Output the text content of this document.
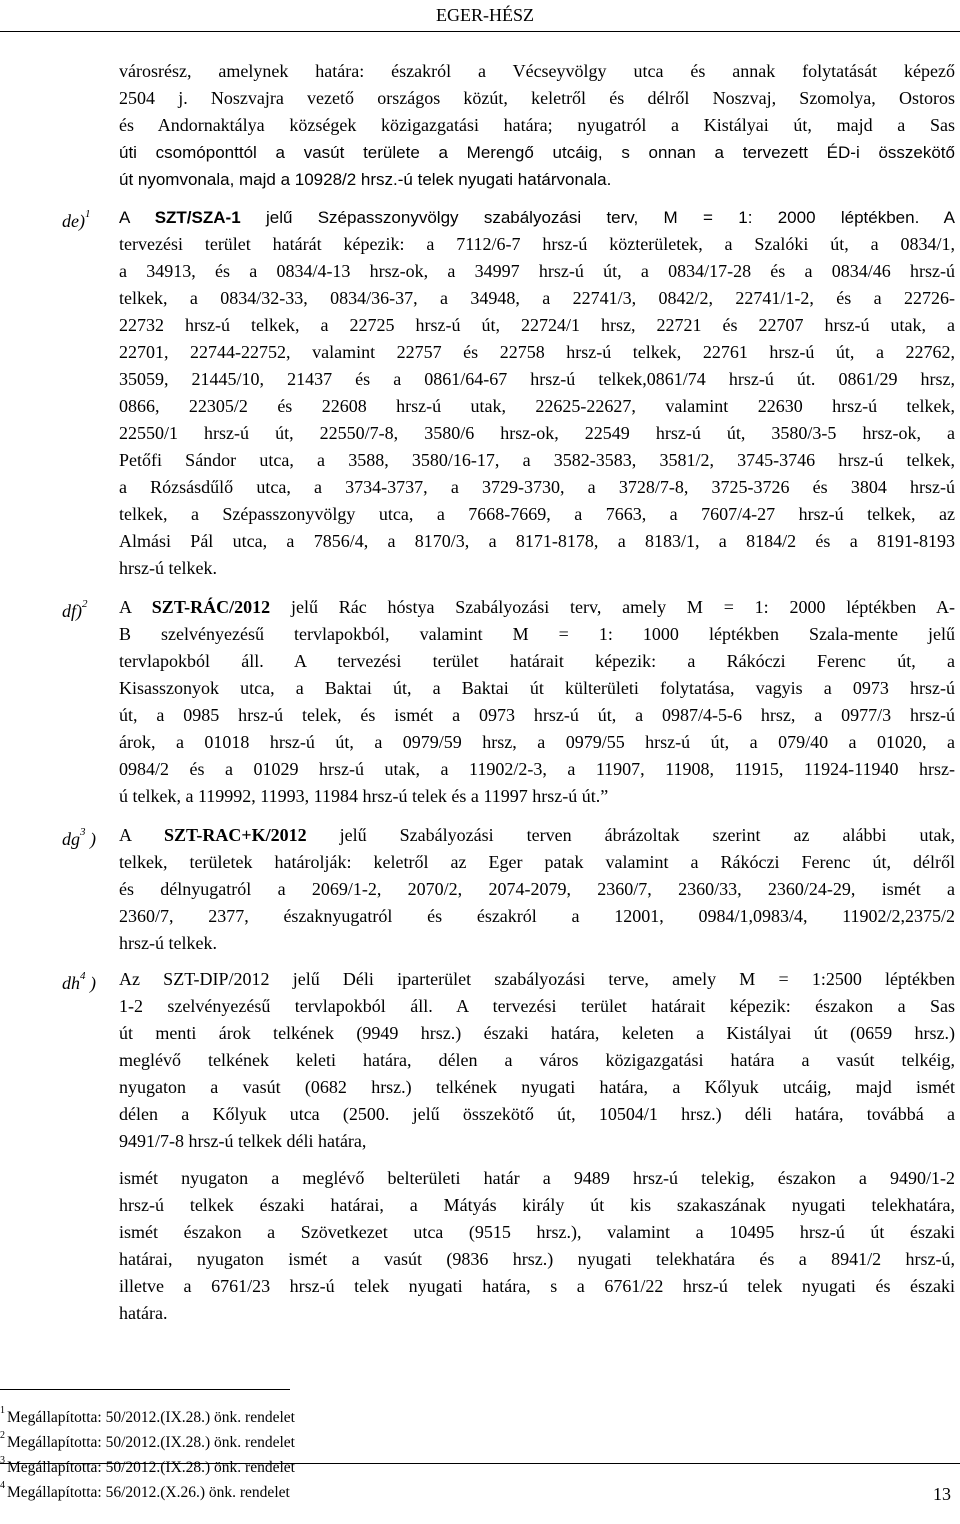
EGER-HÉSZ
városrész, amelynek határa: északról a Vécseyvölgy utca és annak folytatását képező
2504 j. Noszvajra vezető országos közút, keletről és délről Noszvaj, Szomolya, Ostoros
és Andornaktálya községek közigazgatási határa; nyugatról a Kistályai út, majd a Sas
úti csomóponttól a vasút területe a Merengő utcáig, s onnan a tervezett ÉD-i összekötő
út nyomvonala, majd a 10928/2 hrsz.-ú telek nyugati határvonala.
de)$^1$ A SZT/SZA-1 jelű Szépasszonyvölgy szabályozási terv, M = 1: 2000 léptékben. A
tervezési terület határát képezik: a 7112/6-7 hrsz-ú közterületek, a Szalóki út, a 0834/1,
a 34913, és a 0834/4-13 hrsz-ok, a 34997 hrsz-ú út, a 0834/17-28 és a 0834/46 hrsz-ú
telkek, a 0834/32-33, 0834/36-37, a 34948, a 22741/3, 0842/2, 22741/1-2, és a 22726-
22732 hrsz-ú telkek, a 22725 hrsz-ú út, 22724/1 hrsz, 22721 és 22707 hrsz-ú utak, a
22701, 22744-22752, valamint 22757 és 22758 hrsz-ú telkek, 22761 hrsz-ú út, a 22762,
35059, 21445/10, 21437 és a 0861/64-67 hrsz-ú telkek,0861/74 hrsz-ú út. 0861/29 hrsz,
0866, 22305/2 és 22608 hrsz-ú utak, 22625-22627, valamint 22630 hrsz-ú telkek,
22550/1 hrsz-ú út, 22550/7-8, 3580/6 hrsz-ok, 22549 hrsz-ú út, 3580/3-5 hrsz-ok, a
Petőfi Sándor utca, a 3588, 3580/16-17, a 3582-3583, 3581/2, 3745-3746 hrsz-ú telkek,
a Rózsásdűlő utca, a 3734-3737, a 3729-3730, a 3728/7-8, 3725-3726 és 3804 hrsz-ú
telkek, a Szépasszonyvölgy utca, a 7668-7669, a 7663, a 7607/4-27 hrsz-ú telkek, az
Almási Pál utca, a 7856/4, a 8170/3, a 8171-8178, a 8183/1, a 8184/2 és a 8191-8193
hrsz-ú telkek.
df)$^2$ A SZT-RÁC/2012 jelű Rác hóstya Szabályozási terv, amely M = 1: 2000 léptékben A-
B szelvényezésű tervlapokból, valamint M = 1: 1000 léptékben Szala-mente jelű
tervlapokból áll. A tervezési terület határait képezik: a Rákóczi Ferenc út, a
Kisasszonyok utca, a Baktai út, a Baktai út külterületi folytatása, vagyis a 0973 hrsz-ú
út, a 0985 hrsz-ú telek, és ismét a 0973 hrsz-ú út, a 0987/4-5-6 hrsz, a 0977/3 hrsz-ú
árok, a 01018 hrsz-ú út, a 0979/59 hrsz, a 0979/55 hrsz-ú út, a 079/40 a 01020, a
0984/2 és a 01029 hrsz-ú utak, a 11902/2-3, a 11907, 11908, 11915, 11924-11940 hrsz-
ú telkek, a 119992, 11993, 11984 hrsz-ú telek és a 11997 hrsz-ú út.”
$dg^3$ ) A SZT-RAC+K/2012 jelű Szabályozási terven ábrázoltak szerint az alábbi utak,
telkek, területek határolják: keletről az Eger patak valamint a Rákóczi Ferenc út, délről
és délnyugatról a 2069/1-2, 2070/2, 2074-2079, 2360/7, 2360/33, 2360/24-29, ismét a
2360/7, 2377, északnyugatról és északról a 12001, 0984/1,0983/4, 11902/2,2375/2
hrsz-ú telkek.
$dh^4$ ) Az SZT-DIP/2012 jelű Déli iparterület szabályozási terve, amely M = 1:2500 léptékben
1-2 szelvényezésű tervlapokból áll. A tervezési terület határait képezik: északon a Sas
út menti árok telkének (9949 hrsz.) északi határa, keleten a Kistályai út (0659 hrsz.)
meglévő telkének keleti határa, délen a város közigazgatási határa a vasút telkéig,
nyugaton a vasút (0682 hrsz.) telkének nyugati határa, a Kőlyuk utcáig, majd ismét
délen a Kőlyuk utca (2500. jelű összekötő út, 10504/1 hrsz.) déli határa, továbbá a
9491/7-8 hrsz-ú telkek déli határa,
ismét nyugaton a meglévő belterületi határ a 9489 hrsz-ú telekig, északon a 9490/1-2
hrsz-ú telkek északi határai, a Mátyás király út kis szakaszának nyugati telekhatára,
ismét északon a Szövetkezet utca (9515 hrsz.), valamint a 10495 hrsz-ú út északi
határai, nyugaton ismét a vasút (9836 hrsz.) nyugati telekhatára és a 8941/2 hrsz-ú,
illetve a 6761/23 hrsz-ú telek nyugati határa, s a 6761/22 hrsz-ú telek nyugati és északi
határa.
$^1$ Megállapította: 50/2012.(IX.28.) önk. rendelet
$^2$ Megállapította: 50/2012.(IX.28.) önk. rendelet
$^3$ Megállapította: 50/2012.(IX.28.) önk. rendelet
$^4$ Megállapította: 56/2012.(X.26.) önk. rendelet	13
